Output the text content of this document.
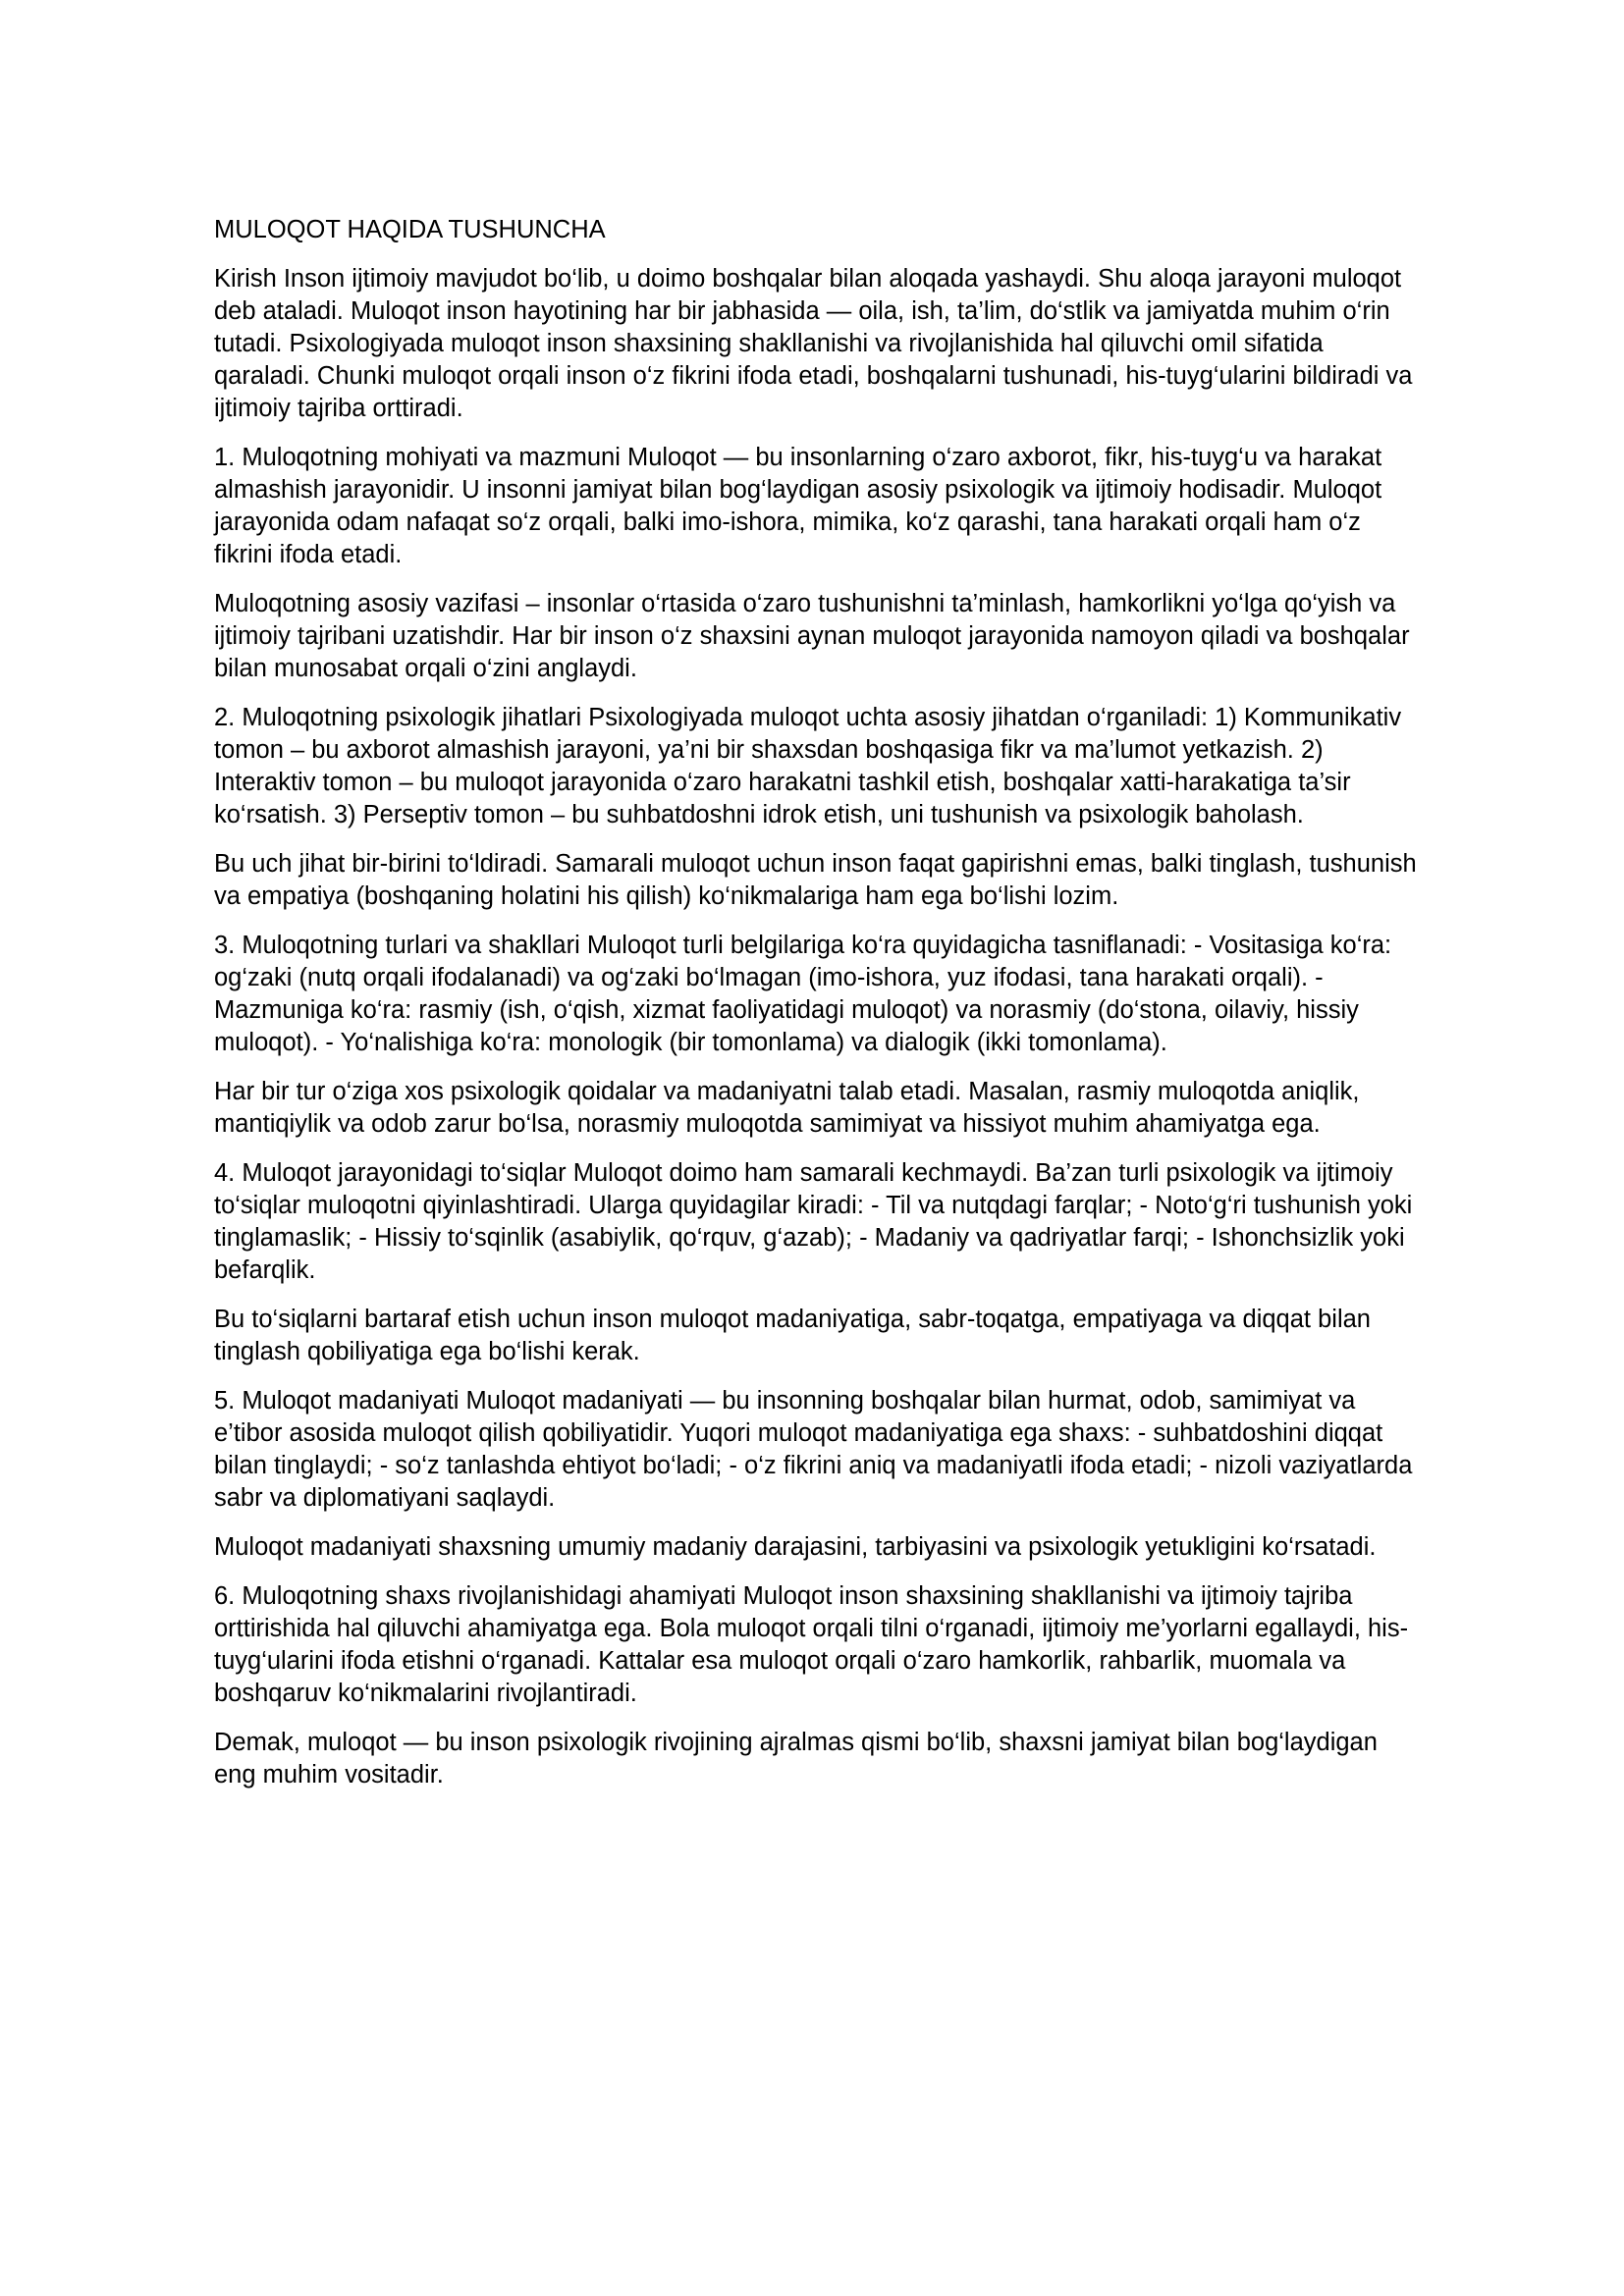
MULOQOT HAQIDA TUSHUNCHA
Kirish Inson ijtimoiy mavjudot bo‘lib, u doimo boshqalar bilan aloqada yashaydi. Shu aloqa jarayoni muloqot deb ataladi. Muloqot inson hayotining har bir jabhasida — oila, ish, ta’lim, do‘stlik va jamiyatda muhim o‘rin tutadi. Psixologiyada muloqot inson shaxsining shakllanishi va rivojlanishida hal qiluvchi omil sifatida qaraladi. Chunki muloqot orqali inson o‘z fikrini ifoda etadi, boshqalarni tushunadi, his-tuyg‘ularini bildiradi va ijtimoiy tajriba orttiradi.
1. Muloqotning mohiyati va mazmuni Muloqot — bu insonlarning o‘zaro axborot, fikr, his-tuyg‘u va harakat almashish jarayonidir. U insonni jamiyat bilan bog‘laydigan asosiy psixologik va ijtimoiy hodisadir. Muloqot jarayonida odam nafaqat so‘z orqali, balki imo-ishora, mimika, ko‘z qarashi, tana harakati orqali ham o‘z fikrini ifoda etadi.
Muloqotning asosiy vazifasi – insonlar o‘rtasida o‘zaro tushunishni ta’minlash, hamkorlikni yo‘lga qo‘yish va ijtimoiy tajribani uzatishdir. Har bir inson o‘z shaxsini aynan muloqot jarayonida namoyon qiladi va boshqalar bilan munosabat orqali o‘zini anglaydi.
2. Muloqotning psixologik jihatlari Psixologiyada muloqot uchta asosiy jihatdan o‘rganiladi: 1) Kommunikativ tomon – bu axborot almashish jarayoni, ya’ni bir shaxsdan boshqasiga fikr va ma’lumot yetkazish. 2) Interaktiv tomon – bu muloqot jarayonida o‘zaro harakatni tashkil etish, boshqalar xatti-harakatiga ta’sir ko‘rsatish. 3) Perseptiv tomon – bu suhbatdoshni idrok etish, uni tushunish va psixologik baholash.
Bu uch jihat bir-birini to‘ldiradi. Samarali muloqot uchun inson faqat gapirishni emas, balki tinglash, tushunish va empatiya (boshqaning holatini his qilish) ko‘nikmalariga ham ega bo‘lishi lozim.
3. Muloqotning turlari va shakllari Muloqot turli belgilariga ko‘ra quyidagicha tasniflanadi: - Vositasiga ko‘ra: og‘zaki (nutq orqali ifodalanadi) va og‘zaki bo‘lmagan (imo-ishora, yuz ifodasi, tana harakati orqali). - Mazmuniga ko‘ra: rasmiy (ish, o‘qish, xizmat faoliyatidagi muloqot) va norasmiy (do‘stona, oilaviy, hissiy muloqot). - Yo‘nalishiga ko‘ra: monologik (bir tomonlama) va dialogik (ikki tomonlama).
Har bir tur o‘ziga xos psixologik qoidalar va madaniyatni talab etadi. Masalan, rasmiy muloqotda aniqlik, mantiqiylik va odob zarur bo‘lsa, norasmiy muloqotda samimiyat va hissiyot muhim ahamiyatga ega.
4. Muloqot jarayonidagi to‘siqlar Muloqot doimo ham samarali kechmaydi. Ba’zan turli psixologik va ijtimoiy to‘siqlar muloqotni qiyinlashtiradi. Ularga quyidagilar kiradi: - Til va nutqdagi farqlar; - Noto‘g‘ri tushunish yoki tinglamaslik; - Hissiy to‘sqinlik (asabiylik, qo‘rquv, g‘azab); - Madaniy va qadriyatlar farqi; - Ishonchsizlik yoki befarqlik.
Bu to‘siqlarni bartaraf etish uchun inson muloqot madaniyatiga, sabr-toqatga, empatiyaga va diqqat bilan tinglash qobiliyatiga ega bo‘lishi kerak.
5. Muloqot madaniyati Muloqot madaniyati — bu insonning boshqalar bilan hurmat, odob, samimiyat va e’tibor asosida muloqot qilish qobiliyatidir. Yuqori muloqot madaniyatiga ega shaxs: - suhbatdoshini diqqat bilan tinglaydi; - so‘z tanlashda ehtiyot bo‘ladi; - o‘z fikrini aniq va madaniyatli ifoda etadi; - nizoli vaziyatlarda sabr va diplomatiyani saqlaydi.
Muloqot madaniyati shaxsning umumiy madaniy darajasini, tarbiyasini va psixologik yetukligini ko‘rsatadi.
6. Muloqotning shaxs rivojlanishidagi ahamiyati Muloqot inson shaxsining shakllanishi va ijtimoiy tajriba orttirishida hal qiluvchi ahamiyatga ega. Bola muloqot orqali tilni o‘rganadi, ijtimoiy me’yorlarni egallaydi, his-tuyg‘ularini ifoda etishni o‘rganadi. Kattalar esa muloqot orqali o‘zaro hamkorlik, rahbarlik, muomala va boshqaruv ko‘nikmalarini rivojlantiradi.
Demak, muloqot — bu inson psixologik rivojining ajralmas qismi bo‘lib, shaxsni jamiyat bilan bog‘laydigan eng muhim vositadir.
